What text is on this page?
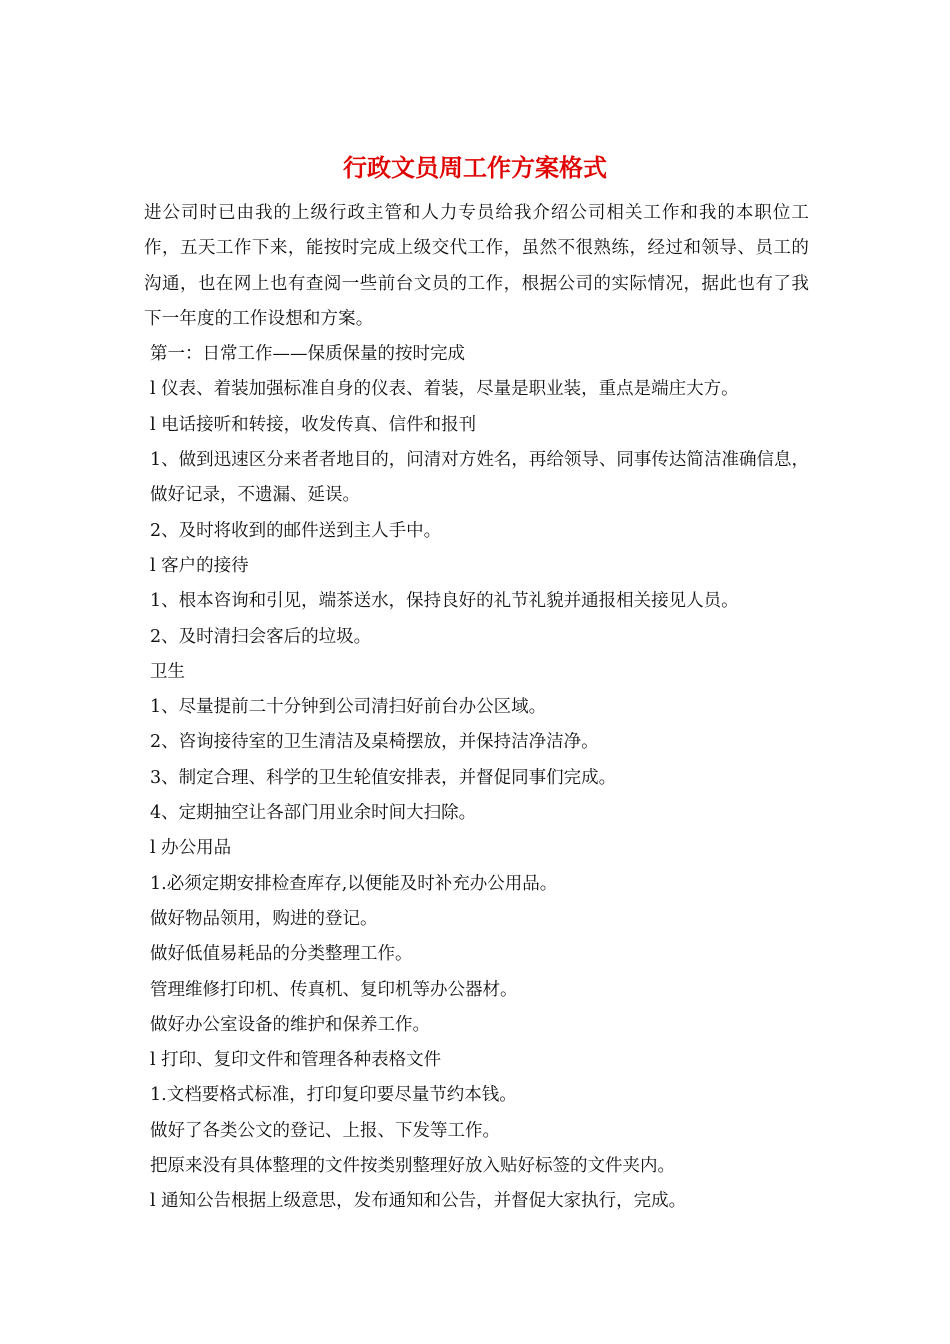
行政文员周工作方案格式

进公司时已由我的上级行政主管和人力专员给我介绍公司相关工作和我的本职位工作，五天工作下来，能按时完成上级交代工作，虽然不很熟练，经过和领导、员工的沟通，也在网上也有查阅一些前台文员的工作，根据公司的实际情况，据此也有了我下一年度的工作设想和方案。

第一：日常工作——保质保量的按时完成

l 仪表、着装加强标准自身的仪表、着装，尽量是职业装，重点是端庄大方。

l 电话接听和转接，收发传真、信件和报刊

1、做到迅速区分来者者地目的，问清对方姓名，再给领导、同事传达简洁准确信息，做好记录，不遗漏、延误。

2、及时将收到的邮件送到主人手中。

l 客户的接待

1、根本咨询和引见，端茶送水，保持良好的礼节礼貌并通报相关接见人员。

2、及时清扫会客后的垃圾。

卫生

1、尽量提前二十分钟到公司清扫好前台办公区域。

2、咨询接待室的卫生清洁及桌椅摆放，并保持洁净洁净。

3、制定合理、科学的卫生轮值安排表，并督促同事们完成。

4、定期抽空让各部门用业余时间大扫除。

l 办公用品

1.必须定期安排检查库存,以便能及时补充办公用品。

做好物品领用，购进的登记。

做好低值易耗品的分类整理工作。

管理维修打印机、传真机、复印机等办公器材。

做好办公室设备的维护和保养工作。

l 打印、复印文件和管理各种表格文件

1.文档要格式标准，打印复印要尽量节约本钱。

做好了各类公文的登记、上报、下发等工作。

把原来没有具体整理的文件按类别整理好放入贴好标签的文件夹内。

l 通知公告根据上级意思，发布通知和公告，并督促大家执行，完成。
